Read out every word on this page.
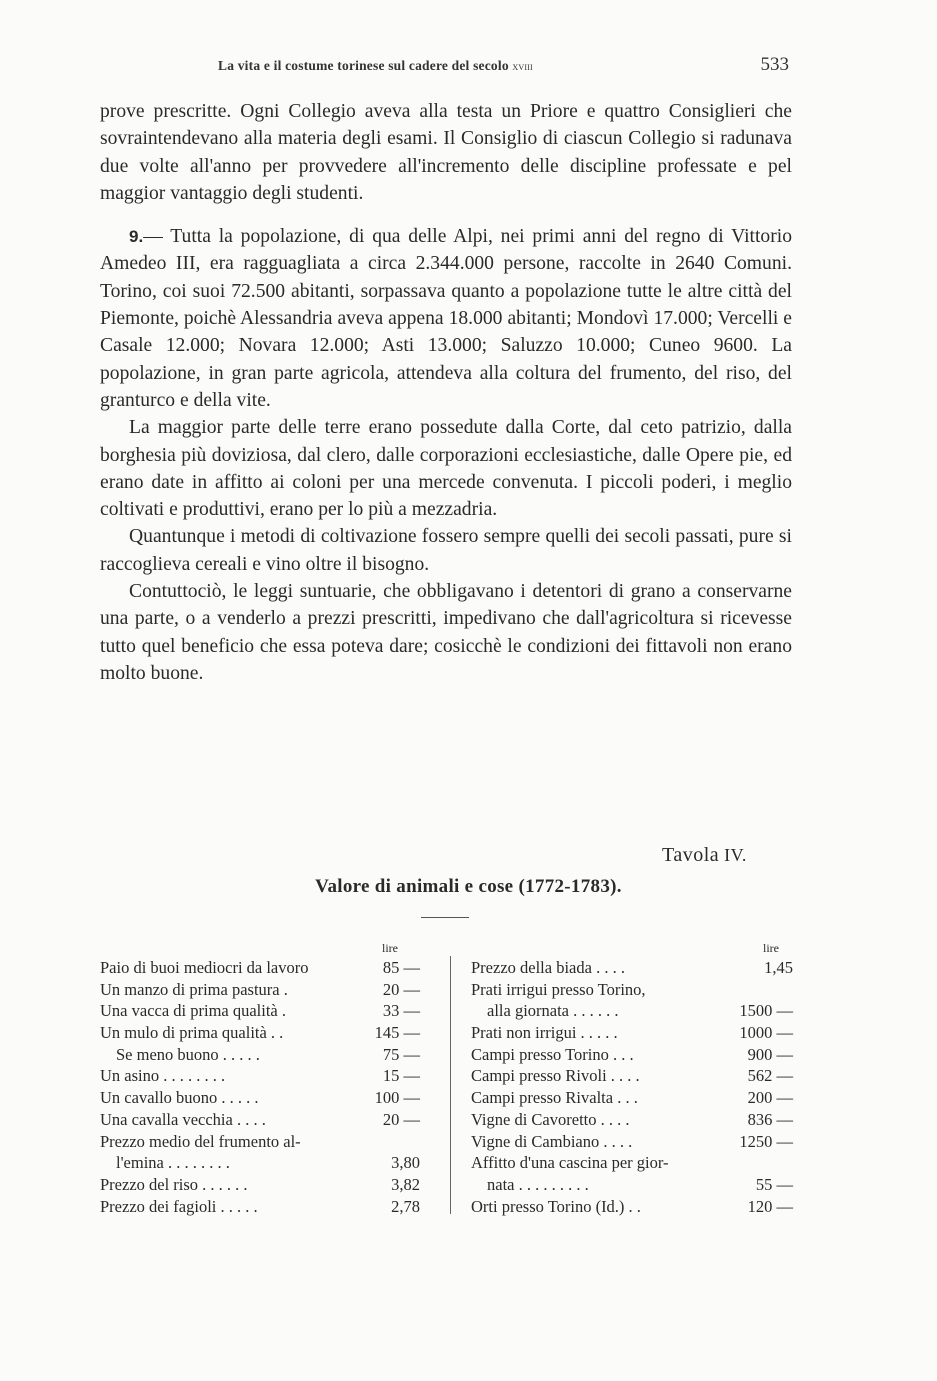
La vita e il costume torinese sul cadere del secolo xviii	533

prove prescritte. Ogni Collegio aveva alla testa un Priore e quattro Consiglieri che sovraintendevano alla materia degli esami. Il Consiglio di ciascun Collegio si radunava due volte all'anno per provvedere all'incremento delle discipline professate e pel maggior vantaggio degli studenti.

9.— Tutta la popolazione, di qua delle Alpi, nei primi anni del regno di Vittorio Amedeo III, era ragguagliata a circa 2.344.000 persone, raccolte in 2640 Comuni. Torino, coi suoi 72.500 abitanti, sorpassava quanto a popolazione tutte le altre città del Piemonte, poichè Alessandria aveva appena 18.000 abitanti; Mondovì 17.000; Vercelli e Casale 12.000; Novara 12.000; Asti 13.000; Saluzzo 10.000; Cuneo 9600. La popolazione, in gran parte agricola, attendeva alla coltura del frumento, del riso, del granturco e della vite.

La maggior parte delle terre erano possedute dalla Corte, dal ceto patrizio, dalla borghesia più doviziosa, dal clero, dalle corporazioni ecclesiastiche, dalle Opere pie, ed erano date in affitto ai coloni per una mercede convenuta. I piccoli poderi, i meglio coltivati e produttivi, erano per lo più a mezzadria.

Quantunque i metodi di coltivazione fossero sempre quelli dei secoli passati, pure si raccoglieva cereali e vino oltre il bisogno.

Contuttociò, le leggi suntuarie, che obbligavano i detentori di grano a conservarne una parte, o a venderlo a prezzi prescritti, impedivano che dall'agricoltura si ricevesse tutto quel beneficio che essa poteva dare; cosicchè le condizioni dei fittavoli non erano molto buone.

Tavola IV.
Valore di animali e cose (1772-1783).
lire
Paio di buoi mediocri da lavoro	85 —
Un manzo di prima pastura .	20 —
Una vacca di prima qualità .	33 —
Un mulo di prima qualità . .	145 —
Se meno buono . . . . .	75 —
Un asino . . . . . . . .	15 —
Un cavallo buono . . . . .	100 —
Una cavalla vecchia . . . .	20 —
Prezzo medio del frumento al-
l'emina . . . . . . . .	3,80
Prezzo del riso . . . . . .	3,82
Prezzo dei fagioli . . . . .	2,78
lire
Prezzo della biada . . . .	1,45
Prati irrigui presso Torino,
alla giornata . . . . . .	1500 —
Prati non irrigui . . . . .	1000 —
Campi presso Torino . . .	900 —
Campi presso Rivoli . . . .	562 —
Campi presso Rivalta . . .	200 —
Vigne di Cavoretto . . . .	836 —
Vigne di Cambiano . . . .	1250 —
Affitto d'una cascina per gior-
nata . . . . . . . . .	55 —
Orti presso Torino (Id.) . .	120 —
